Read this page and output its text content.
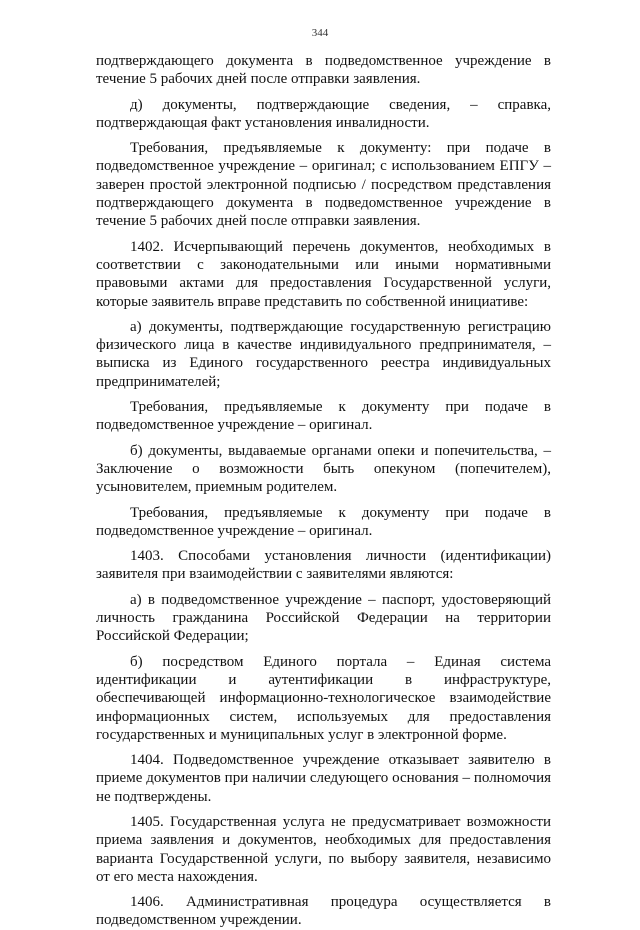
344

подтверждающего документа в подведомственное учреждение в течение 5 рабочих дней после отправки заявления.

д) документы, подтверждающие сведения, – справка, подтверждающая факт установления инвалидности.

Требования, предъявляемые к документу: при подаче в подведомственное учреждение – оригинал; с использованием ЕПГУ – заверен простой электронной подписью / посредством представления подтверждающего документа в подведомственное учреждение в течение 5 рабочих дней после отправки заявления.

1402. Исчерпывающий перечень документов, необходимых в соответствии с законодательными или иными нормативными правовыми актами для предоставления Государственной услуги, которые заявитель вправе представить по собственной инициативе:

а) документы, подтверждающие государственную регистрацию физического лица в качестве индивидуального предпринимателя, – выписка из Единого государственного реестра индивидуальных предпринимателей;

Требования, предъявляемые к документу при подаче в подведомственное учреждение – оригинал.

б) документы, выдаваемые органами опеки и попечительства, – Заключение о возможности быть опекуном (попечителем), усыновителем, приемным родителем.

Требования, предъявляемые к документу при подаче в подведомственное учреждение – оригинал.

1403. Способами установления личности (идентификации) заявителя при взаимодействии с заявителями являются:

а) в подведомственное учреждение – паспорт, удостоверяющий личность гражданина Российской Федерации на территории Российской Федерации;

б) посредством Единого портала – Единая система идентификации и аутентификации в инфраструктуре, обеспечивающей информационно-технологическое взаимодействие информационных систем, используемых для предоставления государственных и муниципальных услуг в электронной форме.

1404. Подведомственное учреждение отказывает заявителю в приеме документов при наличии следующего основания – полномочия не подтверждены.

1405. Государственная услуга не предусматривает возможности приема заявления и документов, необходимых для предоставления варианта Государственной услуги, по выбору заявителя, независимо от его места нахождения.

1406. Административная процедура осуществляется в подведомственном учреждении.
